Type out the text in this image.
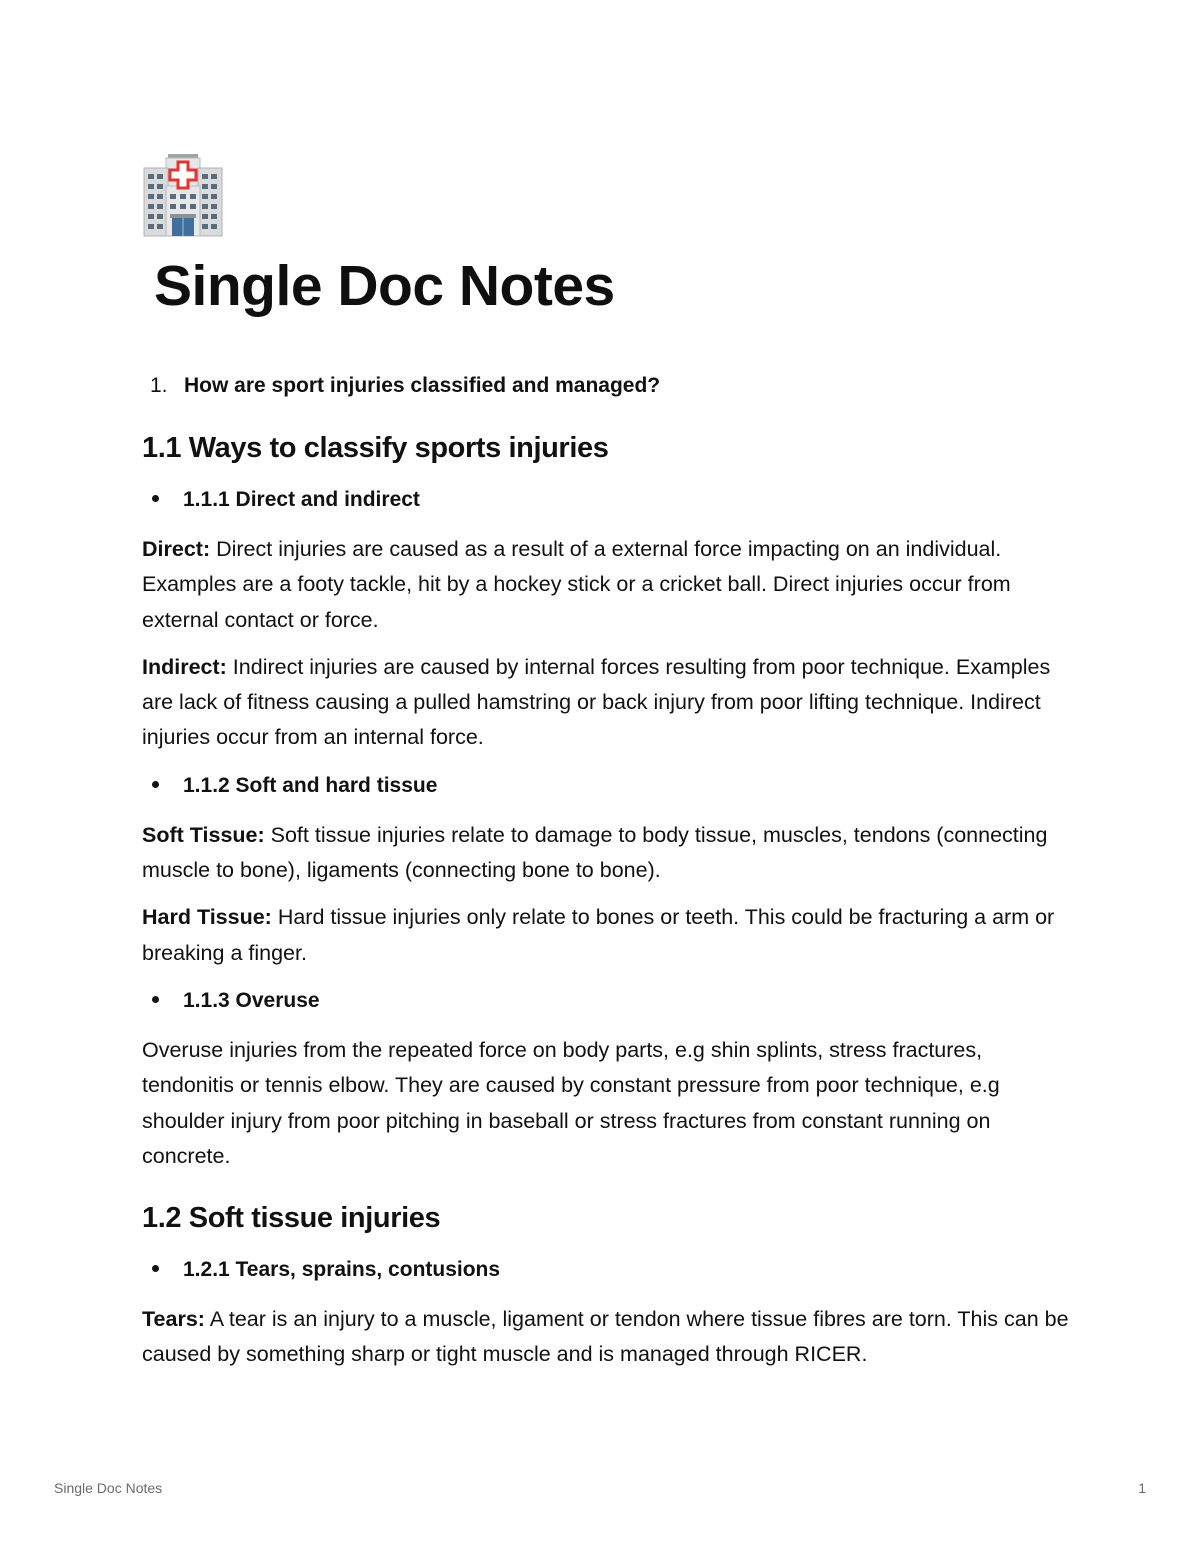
Single Doc Notes
1. How are sport injuries classified and managed?
1.1 Ways to classify sports injuries
1.1.1 Direct and indirect

Direct: Direct injuries are caused as a result of a external force impacting on an individual. Examples are a footy tackle, hit by a hockey stick or a cricket ball. Direct injuries occur from external contact or force.

Indirect: Indirect injuries are caused by internal forces resulting from poor technique. Examples are lack of fitness causing a pulled hamstring or back injury from poor lifting technique. Indirect injuries occur from an internal force.

1.1.2 Soft and hard tissue

Soft Tissue: Soft tissue injuries relate to damage to body tissue, muscles, tendons (connecting muscle to bone), ligaments (connecting bone to bone).

Hard Tissue: Hard tissue injuries only relate to bones or teeth. This could be fracturing a arm or breaking a finger.

1.1.3 Overuse

Overuse injuries from the repeated force on body parts, e.g shin splints, stress fractures, tendonitis or tennis elbow. They are caused by constant pressure from poor technique, e.g shoulder injury from poor pitching in baseball or stress fractures from constant running on concrete.

1.2 Soft tissue injuries
1.2.1 Tears, sprains, contusions

Tears: A tear is an injury to a muscle, ligament or tendon where tissue fibres are torn. This can be caused by something sharp or tight muscle and is managed through RICER.

Single Doc Notes	1
